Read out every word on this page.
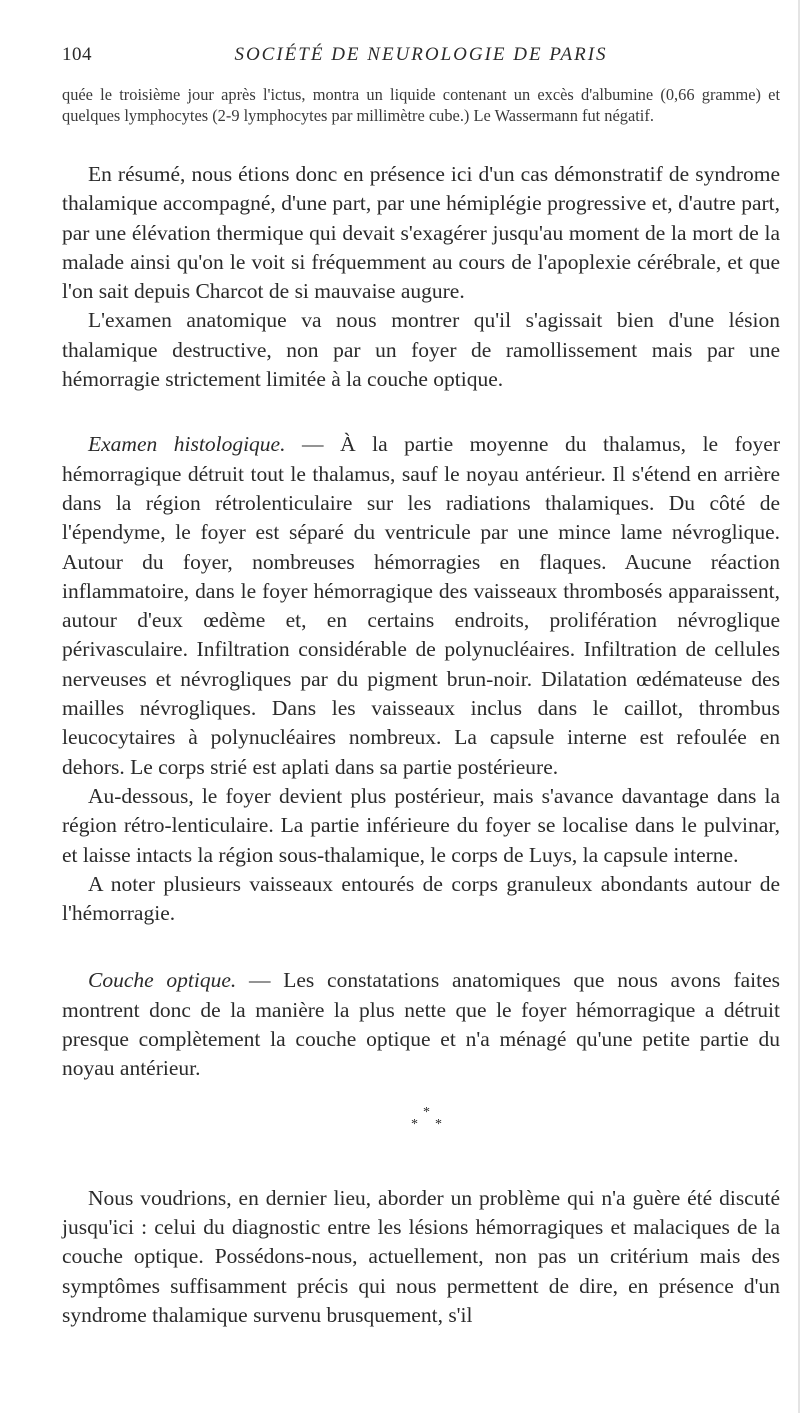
104	SOCIÉTÉ DE NEUROLOGIE DE PARIS

quée le troisième jour après l'ictus, montra un liquide contenant un excès d'albumine (0,66 gramme) et quelques lymphocytes (2-9 lymphocytes par millimètre cube.) Le Wassermann fut négatif.

En résumé, nous étions donc en présence ici d'un cas démonstratif de syndrome thalamique accompagné, d'une part, par une hémiplégie progressive et, d'autre part, par une élévation thermique qui devait s'exagérer jusqu'au moment de la mort de la malade ainsi qu'on le voit si fréquemment au cours de l'apoplexie cérébrale, et que l'on sait depuis Charcot de si mauvaise augure.

L'examen anatomique va nous montrer qu'il s'agissait bien d'une lésion thalamique destructive, non par un foyer de ramollissement mais par une hémorragie strictement limitée à la couche optique.

Examen histologique. — À la partie moyenne du thalamus, le foyer hémorragique détruit tout le thalamus, sauf le noyau antérieur. Il s'étend en arrière dans la région rétrolenticulaire sur les radiations thalamiques. Du côté de l'épendyme, le foyer est séparé du ventricule par une mince lame névroglique. Autour du foyer, nombreuses hémorragies en flaques. Aucune réaction inflammatoire, dans le foyer hémorragique des vaisseaux thrombosés apparaissent, autour d'eux œdème et, en certains endroits, prolifération névroglique périvasculaire. Infiltration considérable de polynucléaires. Infiltration de cellules nerveuses et névrogliques par du pigment brun-noir. Dilatation œdémateuse des mailles névrogliques. Dans les vaisseaux inclus dans le caillot, thrombus leucocytaires à polynucléaires nombreux. La capsule interne est refoulée en dehors. Le corps strié est aplati dans sa partie postérieure.

Au-dessous, le foyer devient plus postérieur, mais s'avance davantage dans la région rétro-lenticulaire. La partie inférieure du foyer se localise dans le pulvinar, et laisse intacts la région sous-thalamique, le corps de Luys, la capsule interne.

A noter plusieurs vaisseaux entourés de corps granuleux abondants autour de l'hémorragie.

Couche optique. — Les constatations anatomiques que nous avons faites montrent donc de la manière la plus nette que le foyer hémorragique a détruit presque complètement la couche optique et n'a ménagé qu'une petite partie du noyau antérieur.

*
* *

Nous voudrions, en dernier lieu, aborder un problème qui n'a guère été discuté jusqu'ici : celui du diagnostic entre les lésions hémorragiques et malaciques de la couche optique. Possédons-nous, actuellement, non pas un critérium mais des symptômes suffisamment précis qui nous permettent de dire, en présence d'un syndrome thalamique survenu brusquement, s'il
